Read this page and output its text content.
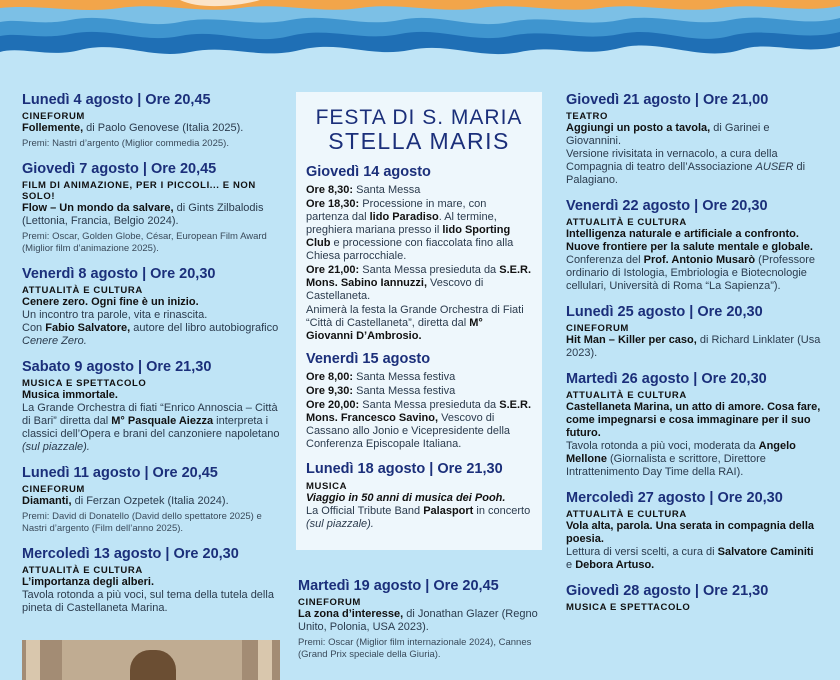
Lunedì 4 agosto | Ore 20,45
CINEFORUM
Follemente, di Paolo Genovese (Italia 2025).
Premi: Nastri d’argento (Miglior commedia 2025).
Giovedì 7 agosto | Ore 20,45
FILM DI ANIMAZIONE, PER I PICCOLI... E NON SOLO!
Flow – Un mondo da salvare, di Gints Zilbalodis (Lettonia, Francia, Belgio 2024).
Premi: Oscar, Golden Globe, César, European Film Award (Miglior film d’animazione 2025).
Venerdì 8 agosto | Ore 20,30
ATTUALITÀ E CULTURA
Cenere zero. Ogni fine è un inizio.
Un incontro tra parole, vita e rinascita.
Con Fabio Salvatore, autore del libro autobiografico Cenere Zero.
Sabato 9 agosto | Ore 21,30
MUSICA E SPETTACOLO
Musica immortale.
La Grande Orchestra di fiati “Enrico Annoscia – Città di Bari” diretta dal M° Pasquale Aiezza interpreta i classici dell’Opera e brani del canzoniere napoletano (sul piazzale).
Lunedì 11 agosto | Ore 20,45
CINEFORUM
Diamanti, di Ferzan Ozpetek (Italia 2024).
Premi: David di Donatello (David dello spettatore 2025) e Nastri d’argento (Film dell’anno 2025).
Mercoledì 13 agosto | Ore 20,30
ATTUALITÀ E CULTURA
L’importanza degli alberi.
Tavola rotonda a più voci, sul tema della tutela della pineta di Castellaneta Marina.
FESTA DI S. MARIA
STELLA MARIS
Giovedì 14 agosto
Ore 8,30: Santa Messa
Ore 18,30: Processione in mare, con partenza dal lido Paradiso. Al termine, preghiera mariana presso il lido Sporting Club e processione con fiaccolata fino alla Chiesa parrocchiale.
Ore 21,00: Santa Messa presieduta da S.E.R. Mons. Sabino Iannuzzi, Vescovo di Castellaneta.
Animerà la festa la Grande Orchestra di Fiati “Città di Castellaneta”, diretta dal M° Giovanni D’Ambrosio.
Venerdì 15 agosto
Ore 8,00: Santa Messa festiva
Ore 9,30: Santa Messa festiva
Ore 20,00: Santa Messa presieduta da S.E.R. Mons. Francesco Savino, Vescovo di Cassano allo Jonio e Vicepresidente della Conferenza Episcopale Italiana.
Lunedì 18 agosto | Ore 21,30
MUSICA
Viaggio in 50 anni di musica dei Pooh.
La Official Tribute Band Palasport in concerto (sul piazzale).
Martedì 19 agosto | Ore 20,45
CINEFORUM
La zona d’interesse, di Jonathan Glazer (Regno Unito, Polonia, USA 2023).
Premi: Oscar (Miglior film internazionale 2024), Cannes (Grand Prix speciale della Giuria).
Giovedì 21 agosto | Ore 21,00
TEATRO
Aggiungi un posto a tavola, di Garinei e Giovannini.
Versione rivisitata in vernacolo, a cura della Compagnia di teatro dell’Associazione AUSER di Palagiano.
Venerdì 22 agosto | Ore 20,30
ATTUALITÀ E CULTURA
Intelligenza naturale e artificiale a confronto. Nuove frontiere per la salute mentale e globale.
Conferenza del Prof. Antonio Musarò (Professore ordinario di Istologia, Embriologia e Biotecnologie cellulari, Università di Roma “La Sapienza”).
Lunedì 25 agosto | Ore 20,30
CINEFORUM
Hit Man – Killer per caso, di Richard Linklater (Usa 2023).
Martedì 26 agosto | Ore 20,30
ATTUALITÀ E CULTURA
Castellaneta Marina, un atto di amore. Cosa fare, come impegnarsi e cosa immaginare per il suo futuro.
Tavola rotonda a più voci, moderata da Angelo Mellone (Giornalista e scrittore, Direttore Intrattenimento Day Time della RAI).
Mercoledì 27 agosto | Ore 20,30
ATTUALITÀ E CULTURA
Vola alta, parola. Una serata in compagnia della poesia.
Lettura di versi scelti, a cura di Salvatore Caminiti e Debora Artuso.
Giovedì 28 agosto | Ore 21,30
MUSICA E SPETTACOLO
